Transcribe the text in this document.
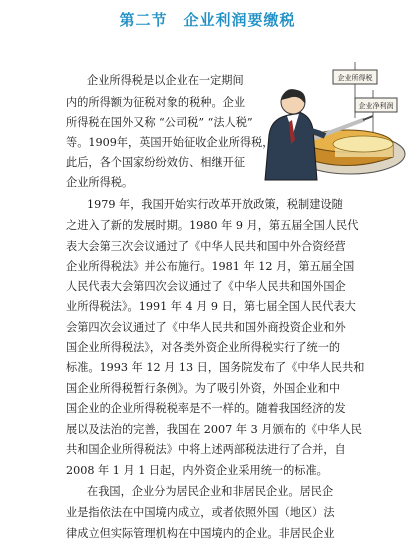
第二节　企业利润要缴税
企业所得税
企业净利润
企业所得税是以企业在一定期间
内的所得额为征税对象的税种。企业
所得税在国外又称 “公司税” “法人税”
等。1909年，英国开始征收企业所得税，
此后，各个国家纷纷效仿、相继开征
企业所得税。
1979 年，我国开始实行改革开放政策，税制建设随
之进入了新的发展时期。1980 年 9 月，第五届全国人民代
表大会第三次会议通过了《中华人民共和国中外合资经营
企业所得税法》并公布施行。1981 年 12 月，第五届全国
人民代表大会第四次会议通过了《中华人民共和国外国企
业所得税法》。1991 年 4 月 9 日，第七届全国人民代表大
会第四次会议通过了《中华人民共和国外商投资企业和外
国企业所得税法》，对各类外资企业所得税实行了统一的
标准。1993 年 12 月 13 日，国务院发布了《中华人民共和
国企业所得税暂行条例》。为了吸引外资，外国企业和中
国企业的企业所得税税率是不一样的。随着我国经济的发
展以及法治的完善，我国在 2007 年 3 月颁布的《中华人民
共和国企业所得税法》中将上述两部税法进行了合并，自
2008 年 1 月 1 日起，内外资企业采用统一的标准。
在我国，企业分为居民企业和非居民企业。居民企
业是指依法在中国境内成立，或者依照外国（地区）法
律成立但实际管理机构在中国境内的企业。非居民企业
